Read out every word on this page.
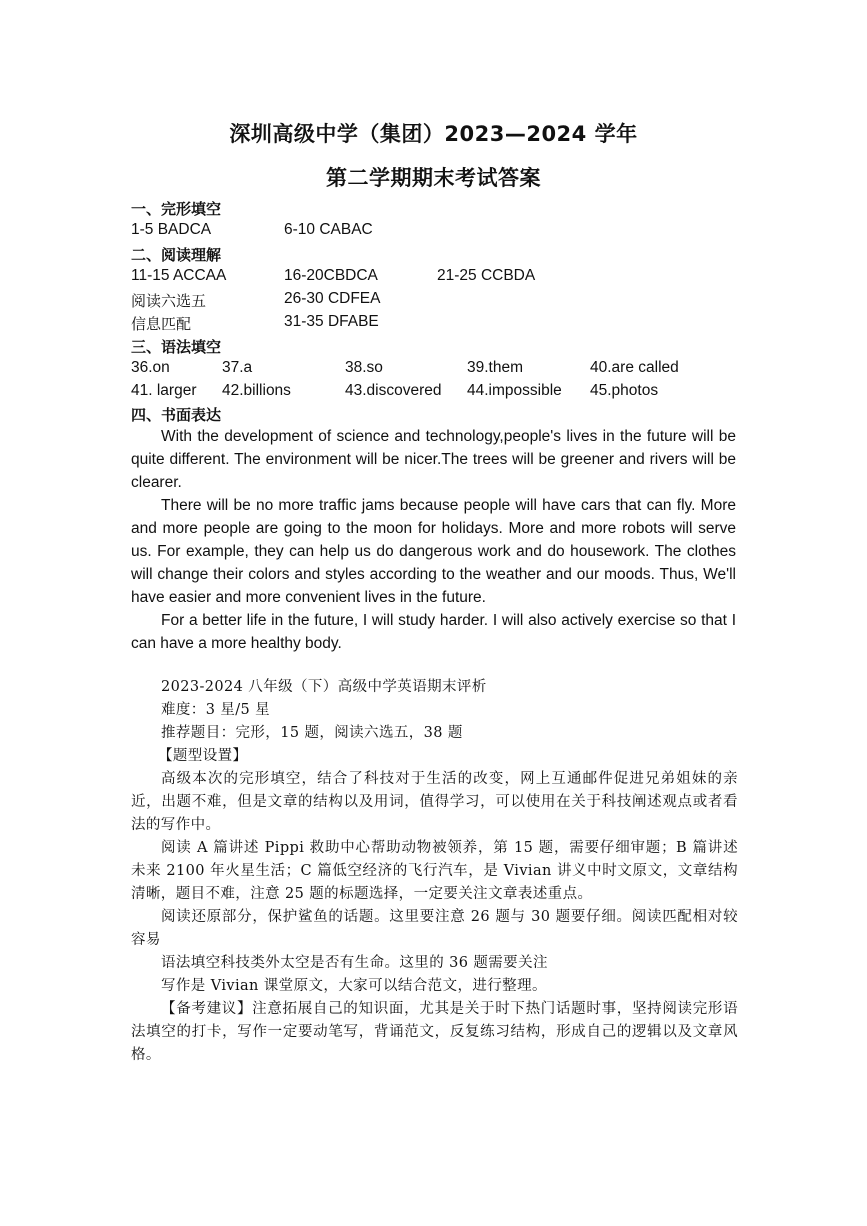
深圳高级中学（集团）2023—2024 学年
第二学期期末考试答案
一、完形填空
1-5 BADCA	6-10 CABAC
二、阅读理解
11-15 ACCAA	16-20CBDCA	21-25 CCBDA
阅读六选五	26-30 CDFEA
信息匹配	31-35 DFABE
三、语法填空
36.on	37.a	38.so	39.them	40.are called
41. larger 42.billions	43.discovered 44.impossible 45.photos
四、书面表达

With the development of science and technology,people's lives in the future will be quite different. The environment will be nicer.The trees will be greener and rivers will be clearer.

There will be no more traffic jams because people will have cars that can fly. More and more people are going to the moon for holidays. More and more robots will serve us. For example, they can help us do dangerous work and do housework. The clothes will change their colors and styles according to the weather and our moods. Thus, We'll have easier and more convenient lives in the future.

For a better life in the future, I will study harder. I will also actively exercise so that I can have a more healthy body.

2023-2024 八年级（下）高级中学英语期末评析

难度：3 星/5 星

推荐题目：完形，15 题，阅读六选五，38 题

【题型设置】

高级本次的完形填空，结合了科技对于生活的改变，网上互通邮件促进兄弟姐妹的亲近，出题不难，但是文章的结构以及用词，值得学习，可以使用在关于科技阐述观点或者看法的写作中。

阅读 A 篇讲述 Pippi 救助中心帮助动物被领养，第 15 题，需要仔细审题；B 篇讲述未来 2100 年火星生活；C 篇低空经济的飞行汽车，是 Vivian 讲义中时文原文，文章结构清晰，题目不难，注意 25 题的标题选择，一定要关注文章表述重点。

阅读还原部分，保护鲨鱼的话题。这里要注意 26 题与 30 题要仔细。阅读匹配相对较容易

语法填空科技类外太空是否有生命。这里的 36 题需要关注

写作是 Vivian 课堂原文，大家可以结合范文，进行整理。

【备考建议】注意拓展自己的知识面，尤其是关于时下热门话题时事，坚持阅读完形语法填空的打卡，写作一定要动笔写，背诵范文，反复练习结构，形成自己的逻辑以及文章风格。
